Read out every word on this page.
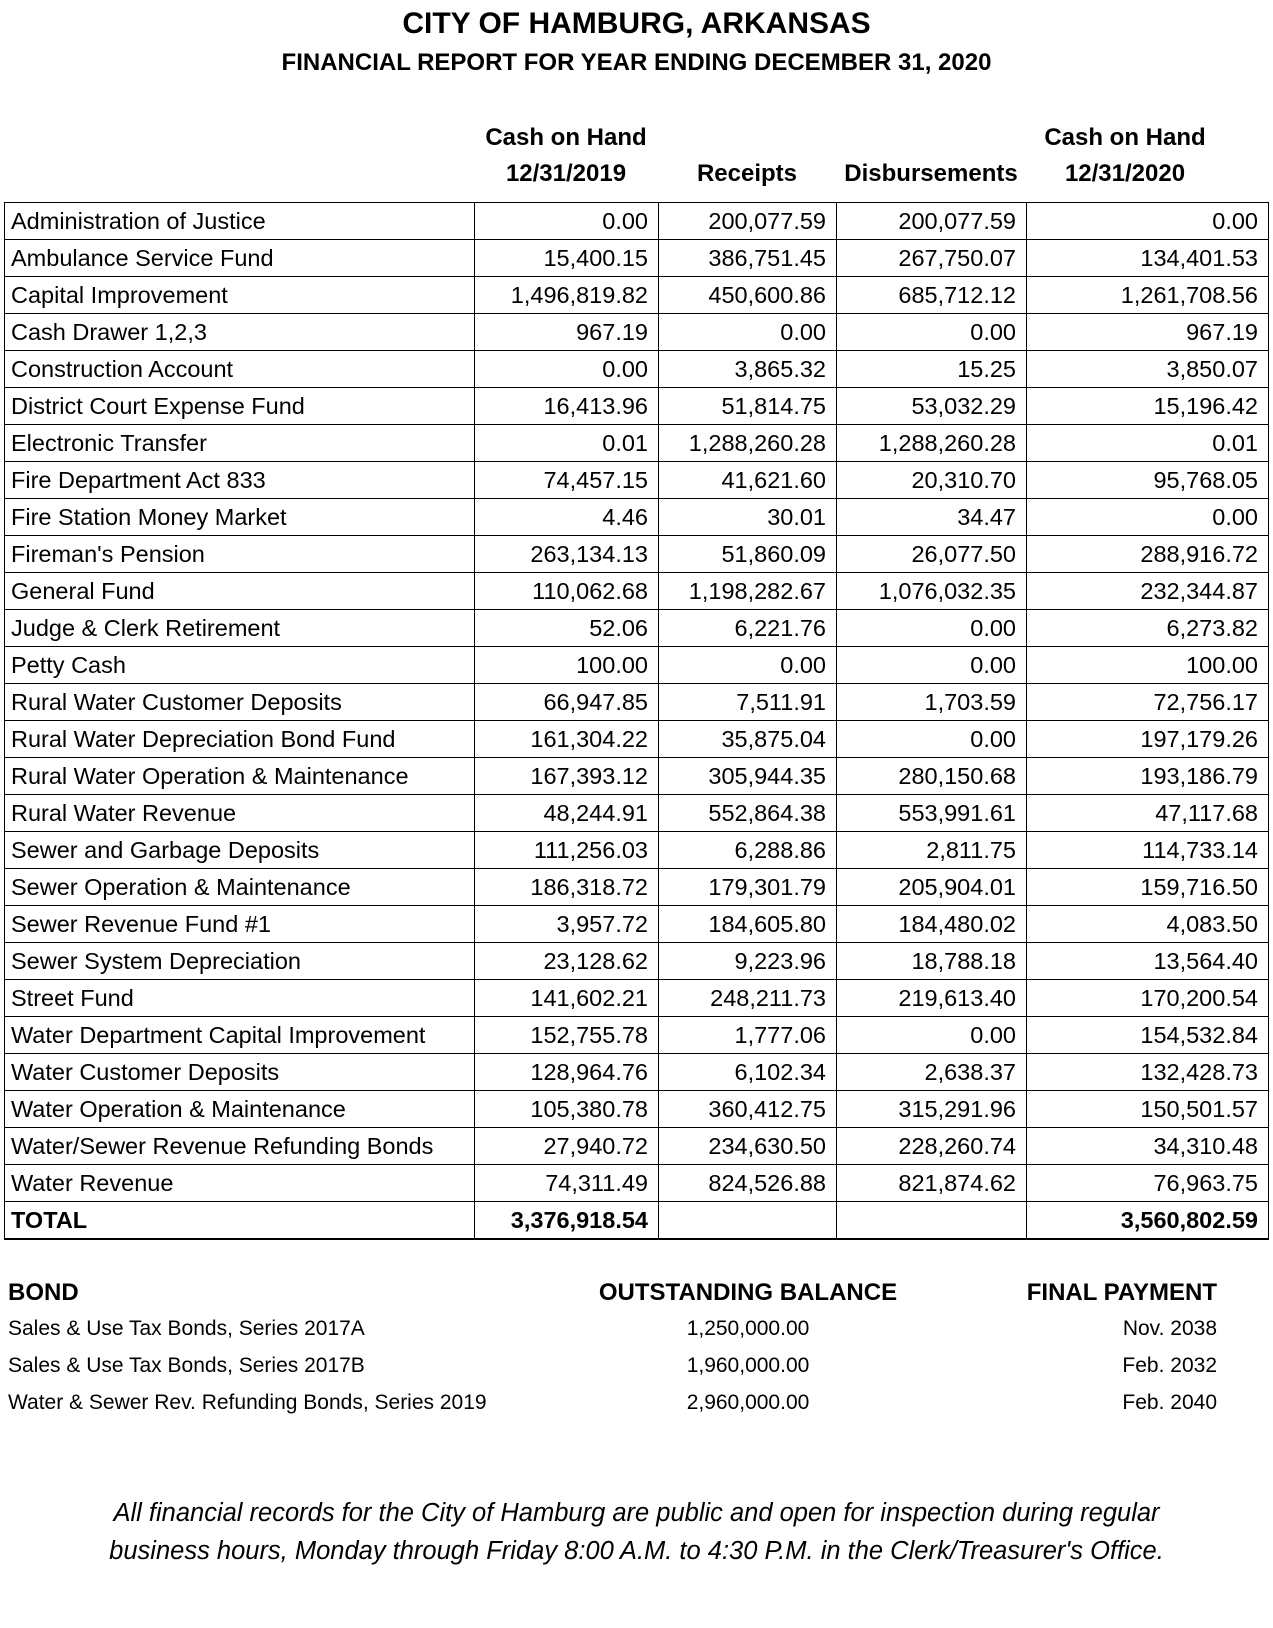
CITY OF HAMBURG, ARKANSAS
FINANCIAL REPORT FOR YEAR ENDING DECEMBER 31, 2020
Cash on Hand
12/31/2019	Receipts	Disbursements
Cash on Hand
12/31/2020
Administration of Justice	0.00	200,077.59	200,077.59	0.00
Ambulance Service Fund	15,400.15	386,751.45	267,750.07	134,401.53
Capital Improvement	1,496,819.82	450,600.86	685,712.12	1,261,708.56
Cash Drawer 1,2,3	967.19	0.00	0.00	967.19
Construction Account	0.00	3,865.32	15.25	3,850.07
District Court Expense Fund	16,413.96	51,814.75	53,032.29	15,196.42
Electronic Transfer	0.01	1,288,260.28	1,288,260.28	0.01
Fire Department Act 833	74,457.15	41,621.60	20,310.70	95,768.05
Fire Station Money Market	4.46	30.01	34.47	0.00
Fireman's Pension	263,134.13	51,860.09	26,077.50	288,916.72
General Fund	110,062.68	1,198,282.67	1,076,032.35	232,344.87
Judge & Clerk Retirement	52.06	6,221.76	0.00	6,273.82
Petty Cash	100.00	0.00	0.00	100.00
Rural Water Customer Deposits	66,947.85	7,511.91	1,703.59	72,756.17
Rural Water Depreciation Bond Fund	161,304.22	35,875.04	0.00	197,179.26
Rural Water Operation & Maintenance	167,393.12	305,944.35	280,150.68	193,186.79
Rural Water Revenue	48,244.91	552,864.38	553,991.61	47,117.68
Sewer and Garbage Deposits	111,256.03	6,288.86	2,811.75	114,733.14
Sewer Operation & Maintenance	186,318.72	179,301.79	205,904.01	159,716.50
Sewer Revenue Fund #1	3,957.72	184,605.80	184,480.02	4,083.50
Sewer System Depreciation	23,128.62	9,223.96	18,788.18	13,564.40
Street Fund	141,602.21	248,211.73	219,613.40	170,200.54
Water Department Capital Improvement	152,755.78	1,777.06	0.00	154,532.84
Water Customer Deposits	128,964.76	6,102.34	2,638.37	132,428.73
Water Operation & Maintenance	105,380.78	360,412.75	315,291.96	150,501.57
Water/Sewer Revenue Refunding Bonds	27,940.72	234,630.50	228,260.74	34,310.48
Water Revenue	74,311.49	824,526.88	821,874.62	76,963.75
TOTAL	3,376,918.54			3,560,802.59
BOND	OUTSTANDING BALANCE	FINAL PAYMENT
Sales & Use Tax Bonds, Series 2017A	1,250,000.00	Nov. 2038
Sales & Use Tax Bonds, Series 2017B	1,960,000.00	Feb. 2032
Water & Sewer Rev. Refunding Bonds, Series 2019	2,960,000.00	Feb. 2040
All financial records for the City of Hamburg are public and open for inspection during regular
business hours, Monday through Friday 8:00 A.M. to 4:30 P.M. in the Clerk/Treasurer's Office.
